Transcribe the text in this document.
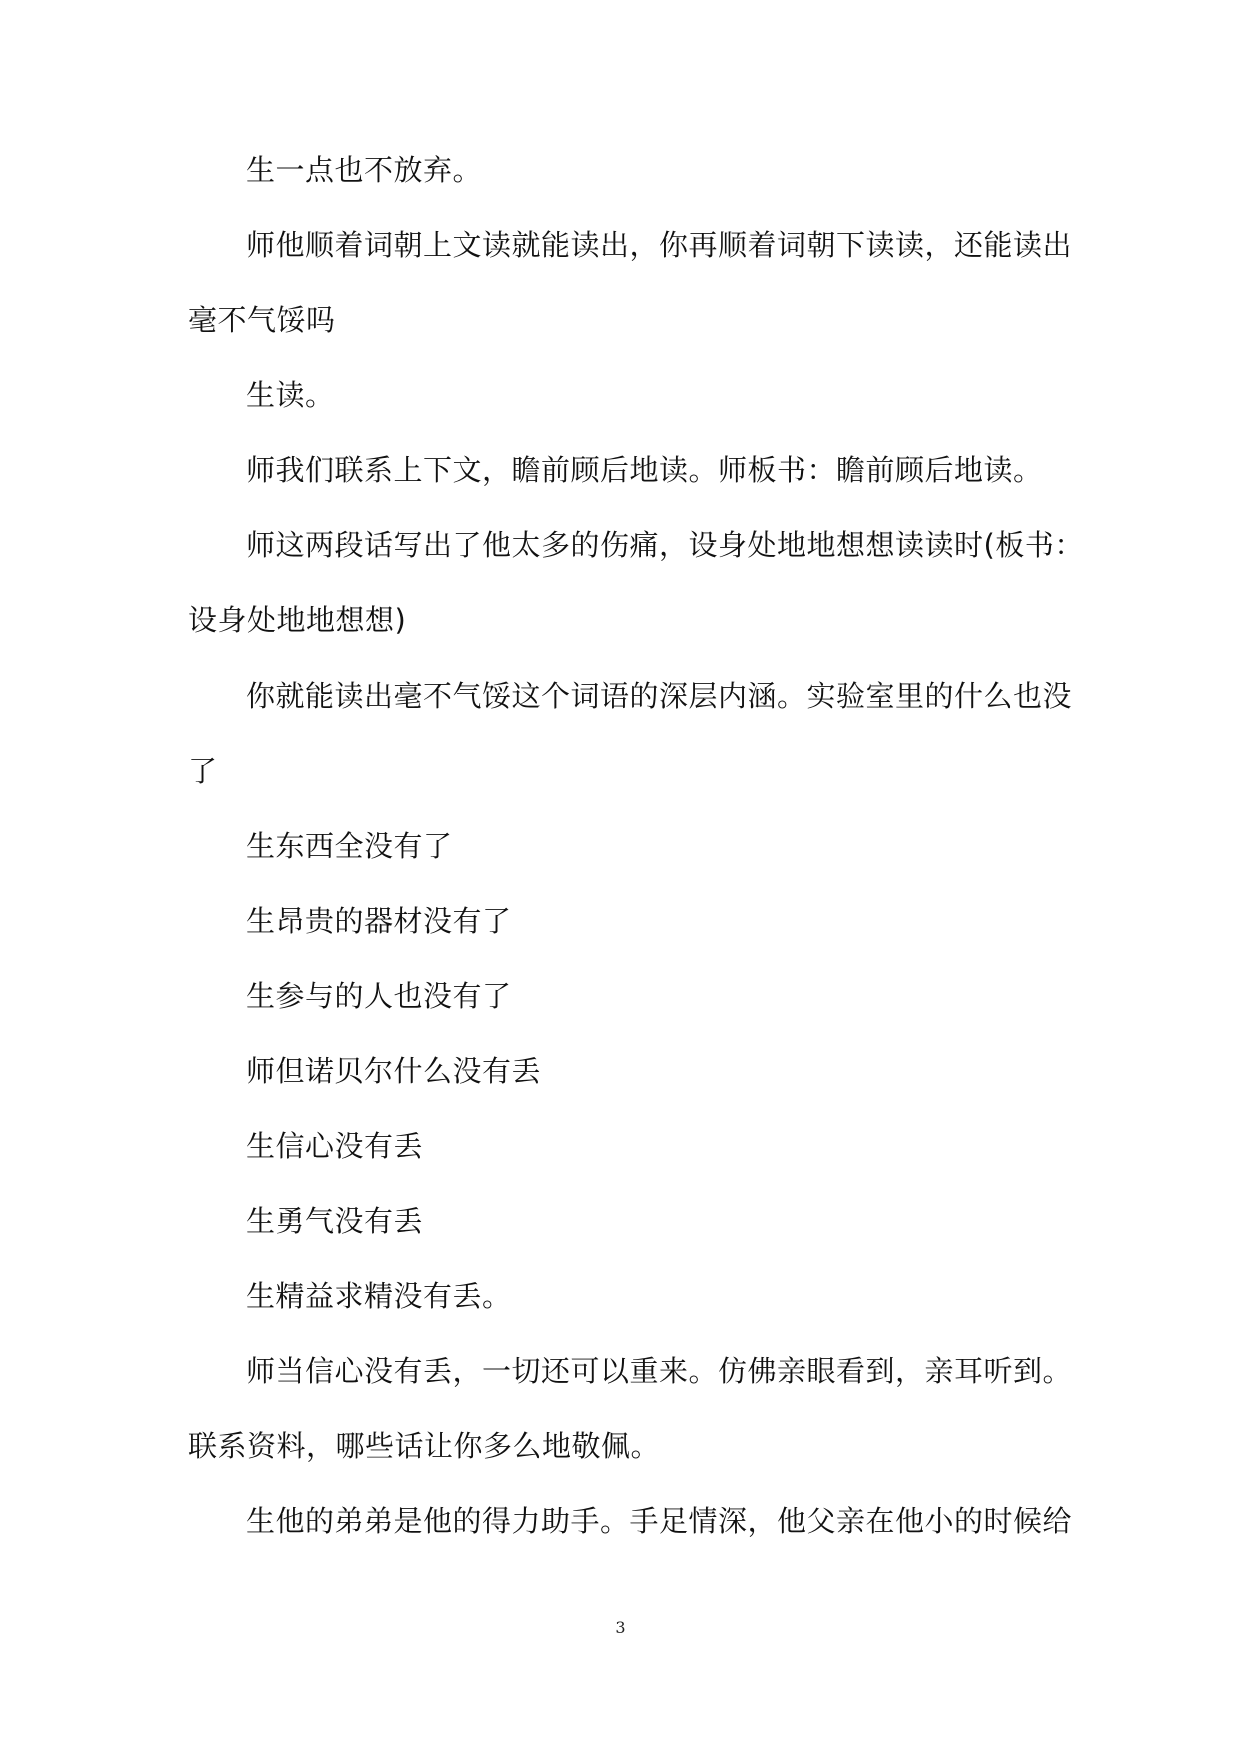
生一点也不放弃。
师他顺着词朝上文读就能读出，你再顺着词朝下读读，还能读出
毫不气馁吗
生读。
师我们联系上下文，瞻前顾后地读。师板书：瞻前顾后地读。
师这两段话写出了他太多的伤痛，设身处地地想想读读时(板书：
设身处地地想想)
你就能读出毫不气馁这个词语的深层内涵。实验室里的什么也没
了
生东西全没有了
生昂贵的器材没有了
生参与的人也没有了
师但诺贝尔什么没有丢
生信心没有丢
生勇气没有丢
生精益求精没有丢。
师当信心没有丢，一切还可以重来。仿佛亲眼看到，亲耳听到。
联系资料，哪些话让你多么地敬佩。
生他的弟弟是他的得力助手。手足情深，他父亲在他小的时候给
3
